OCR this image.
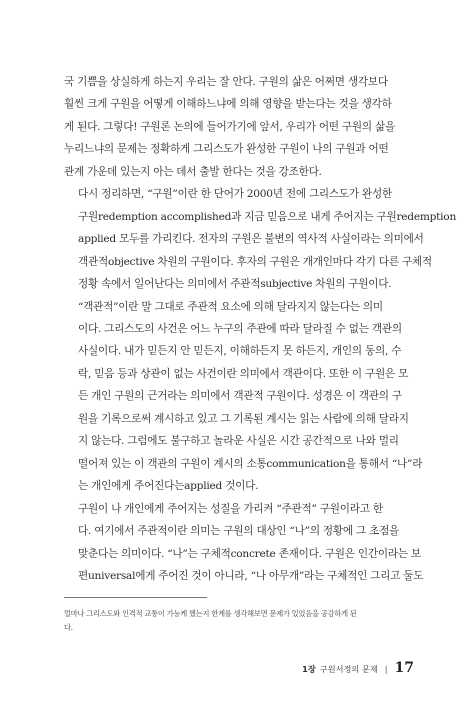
국 기쁨을 상실하게 하는지 우리는 잘 안다. 구원의 삶은 어쩌면 생각보다
훨씬 크게 구원을 어떻게 이해하느냐에 의해 영향을 받는다는 것을 생각하
게 된다. 그렇다! 구원론 논의에 들어가기에 앞서, 우리가 어떤 구원의 삶을
누리느냐의 문제는 정확하게 그리스도가 완성한 구원이 나의 구원과 어떤
관계 가운데 있는지 아는 데서 출발 한다는 것을 강조한다.

다시 정리하면, “구원”이란 한 단어가 2000년 전에 그리스도가 완성한
구원redemption accomplished과 지금 믿음으로 내게 주어지는 구원redemption
applied 모두를 가리킨다. 전자의 구원은 불변의 역사적 사실이라는 의미에서
객관적objective 차원의 구원이다. 후자의 구원은 개개인마다 각기 다른 구체적
정황 속에서 일어난다는 의미에서 주관적subjective 차원의 구원이다.

“객관적”이란 말 그대로 주관적 요소에 의해 달라지지 않는다는 의미
이다. 그리스도의 사건은 어느 누구의 주관에 따라 달라질 수 없는 객관의
사실이다. 내가 믿든지 안 믿든지, 이해하든지 못 하든지, 개인의 동의, 수
락, 믿음 등과 상관이 없는 사건이란 의미에서 객관이다. 또한 이 구원은 모
든 개인 구원의 근거라는 의미에서 객관적 구원이다. 성경은 이 객관의 구
원을 기록으로써 계시하고 있고 그 기록된 계시는 읽는 사람에 의해 달라지
지 않는다. 그럼에도 불구하고 놀라운 사실은 시간 공간적으로 나와 멀리
떨어져 있는 이 객관의 구원이 계시의 소통communication을 통해서 “나”라
는 개인에게 주어진다는applied 것이다.

구원이 나 개인에게 주어지는 성질을 가리켜 “주관적” 구원이라고 한
다. 여기에서 주관적이란 의미는 구원의 대상인 “나”의 정황에 그 초점을
맞춘다는 의미이다. “나”는 구체적concrete 존재이다. 구원은 인간이라는 보
편universal에게 주어진 것이 아니라, “나 아무개”라는 구체적인 그리고 둘도

얼마나 그리스도와 인격적 교통이 가능케 했는지 한계를 생각해보면 문제가 있었음을 공감하게 된
다.
1장 구원서정의 문제 | 17
